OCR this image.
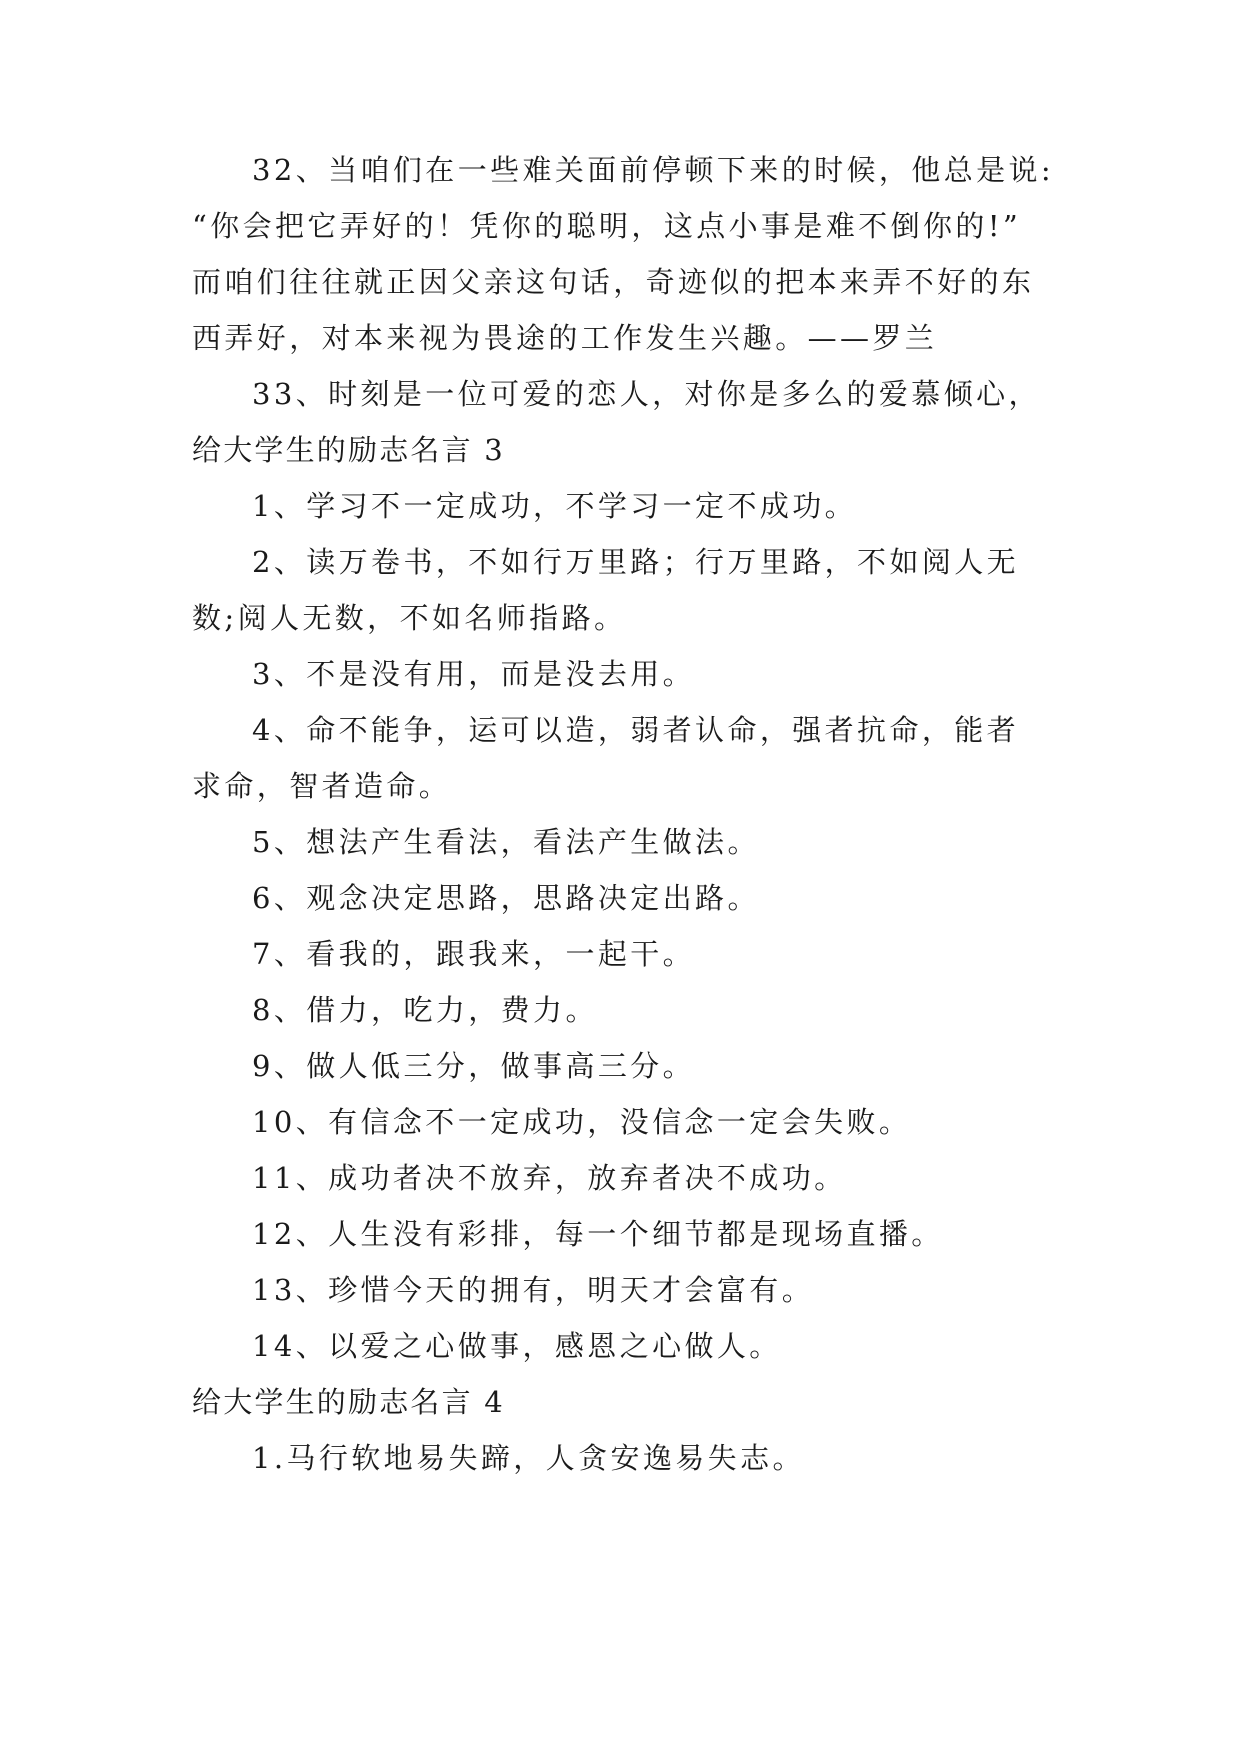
32、当咱们在一些难关面前停顿下来的时候，他总是说:
“你会把它弄好的！凭你的聪明，这点小事是难不倒你的!”
而咱们往往就正因父亲这句话，奇迹似的把本来弄不好的东
西弄好，对本来视为畏途的工作发生兴趣。——罗兰
33、时刻是一位可爱的恋人，对你是多么的爱慕倾心，
给大学生的励志名言 3
1、学习不一定成功，不学习一定不成功。
2、读万卷书，不如行万里路；行万里路，不如阅人无
数;阅人无数，不如名师指路。
3、不是没有用，而是没去用。
4、命不能争，运可以造，弱者认命，强者抗命，能者
求命，智者造命。
5、想法产生看法，看法产生做法。
6、观念决定思路，思路决定出路。
7、看我的，跟我来，一起干。
8、借力，吃力，费力。
9、做人低三分，做事高三分。
10、有信念不一定成功，没信念一定会失败。
11、成功者决不放弃，放弃者决不成功。
12、人生没有彩排，每一个细节都是现场直播。
13、珍惜今天的拥有，明天才会富有。
14、以爱之心做事，感恩之心做人。
给大学生的励志名言 4
1.马行软地易失蹄，人贪安逸易失志。
